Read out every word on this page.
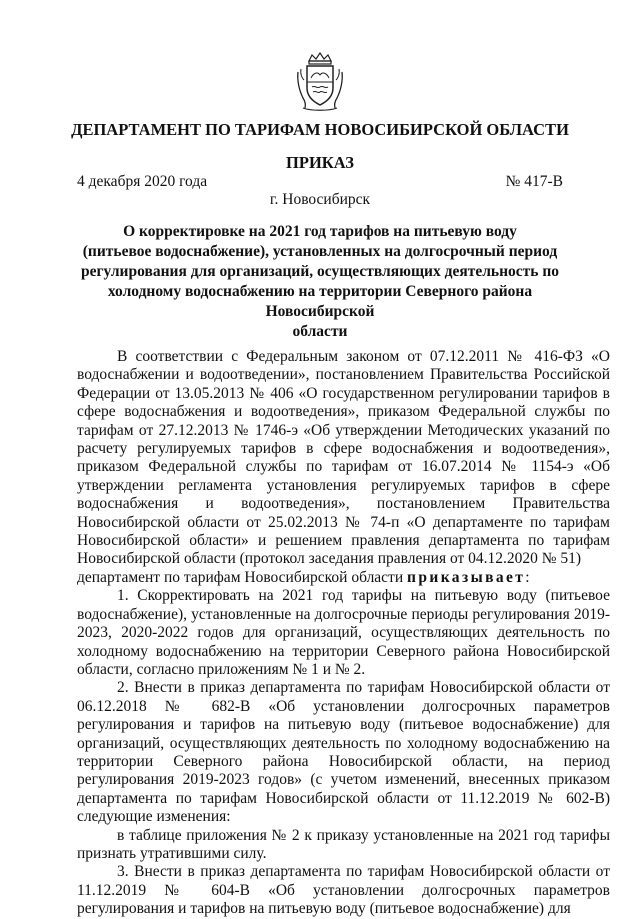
ДЕПАРТАМЕНТ ПО ТАРИФАМ НОВОСИБИРСКОЙ ОБЛАСТИ
ПРИКАЗ
4 декабря 2020 года	№ 417-В
г. Новосибирск
О корректировке на 2021 год тарифов на питьевую воду
(питьевое водоснабжение), установленных на долгосрочный период
регулирования для организаций, осуществляющих деятельность по
холодному водоснабжению на территории Северного района Новосибирской
области

В соответствии с Федеральным законом от 07.12.2011 № 416-ФЗ «О водоснабжении и водоотведении», постановлением Правительства Российской Федерации от 13.05.2013 № 406 «О государственном регулировании тарифов в сфере водоснабжения и водоотведения», приказом Федеральной службы по тарифам от 27.12.2013 № 1746-э «Об утверждении Методических указаний по расчету регулируемых тарифов в сфере водоснабжения и водоотведения», приказом Федеральной службы по тарифам от 16.07.2014 № 1154-э «Об утверждении регламента установления регулируемых тарифов в сфере водоснабжения и водоотведения», постановлением Правительства Новосибирской области от 25.02.2013 № 74-п «О департаменте по тарифам Новосибирской области» и решением правления департамента по тарифам Новосибирской области (протокол заседания правления от 04.12.2020 № 51)

департамент по тарифам Новосибирской области приказывает:

1. Скорректировать на 2021 год тарифы на питьевую воду (питьевое водоснабжение), установленные на долгосрочные периоды регулирования 2019-2023, 2020-2022 годов для организаций, осуществляющих деятельность по холодному водоснабжению на территории Северного района Новосибирской области, согласно приложениям № 1 и № 2.

2. Внести в приказ департамента по тарифам Новосибирской области от 06.12.2018 № 682-В «Об установлении долгосрочных параметров регулирования и тарифов на питьевую воду (питьевое водоснабжение) для организаций, осуществляющих деятельность по холодному водоснабжению на территории Северного района Новосибирской области, на период регулирования 2019-2023 годов» (с учетом изменений, внесенных приказом департамента по тарифам Новосибирской области от 11.12.2019 № 602-В) следующие изменения:

в таблице приложения № 2 к приказу установленные на 2021 год тарифы признать утратившими силу.

3. Внести в приказ департамента по тарифам Новосибирской области от 11.12.2019 № 604-В «Об установлении долгосрочных параметров регулирования и тарифов на питьевую воду (питьевое водоснабжение) для
